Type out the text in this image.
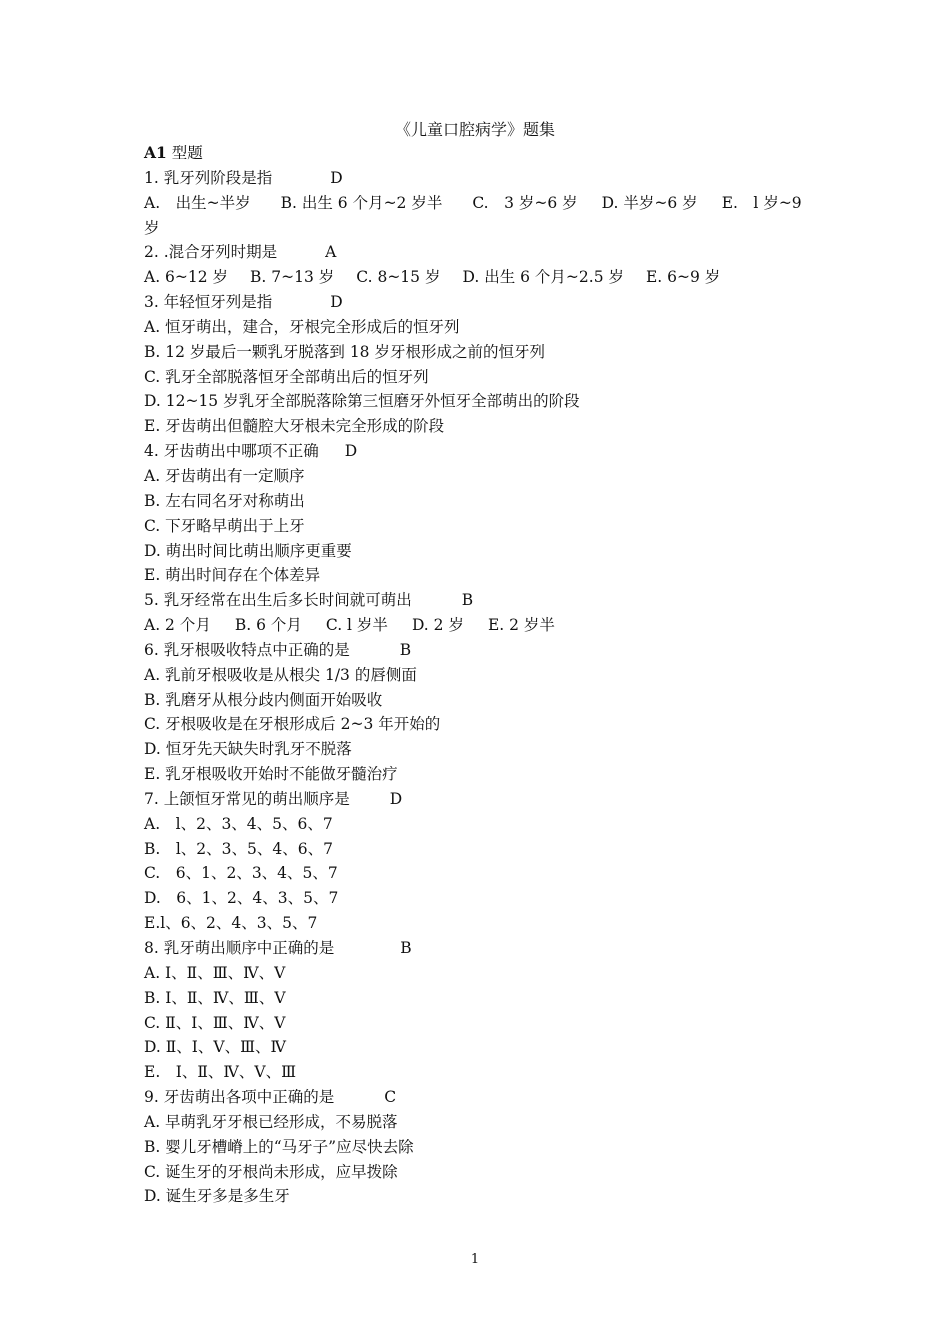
《儿童口腔病学》题集
A1 型题
1. 乳牙列阶段是指	D
A.　出生~半岁 B. 出生 6 个月~2 岁半 C.　3 岁~6 岁 D. 半岁~6 岁 E.　l 岁~9 岁
2. .混合牙列时期是	A
A. 6~12 岁 B. 7~13 岁 C. 8~15 岁 D. 出生 6 个月~2.5 岁 E. 6~9 岁
3. 年轻恒牙列是指	D
A. 恒牙萌出，建合，牙根完全形成后的恒牙列
B. 12 岁最后一颗乳牙脱落到 18 岁牙根形成之前的恒牙列
C. 乳牙全部脱落恒牙全部萌出后的恒牙列
D. 12~15 岁乳牙全部脱落除第三恒磨牙外恒牙全部萌出的阶段
E. 牙齿萌出但髓腔大牙根未完全形成的阶段
4. 牙齿萌出中哪项不正确 D
A. 牙齿萌出有一定顺序
B. 左右同名牙对称萌出
C. 下牙略早萌出于上牙
D. 萌出时间比萌出顺序更重要
E. 萌出时间存在个体差异
5. 乳牙经常在出生后多长时间就可萌出	B
A. 2 个月 B. 6 个月 C. l 岁半 D. 2 岁 E. 2 岁半
6. 乳牙根吸收特点中正确的是	B
A. 乳前牙根吸收是从根尖 1/3 的唇侧面
B. 乳磨牙从根分歧内侧面开始吸收
C. 牙根吸收是在牙根形成后 2~3 年开始的
D. 恒牙先天缺失时乳牙不脱落
E. 乳牙根吸收开始时不能做牙髓治疗
7. 上颌恒牙常见的萌出顺序是	D
A.　l、2、3、4、5、6、7
B.　l、2、3、5、4、6、7
C.　6、1、2、3、4、5、7
D.　6、1、2、4、3、5、7
E.l、6、2、4、3、5、7
8. 乳牙萌出顺序中正确的是	B
A. Ⅰ、Ⅱ、Ⅲ、Ⅳ、Ⅴ
B. Ⅰ、Ⅱ、Ⅳ、Ⅲ、Ⅴ
C. Ⅱ、Ⅰ、Ⅲ、Ⅳ、Ⅴ
D. Ⅱ、Ⅰ、Ⅴ、Ⅲ、Ⅳ
E.　Ⅰ、Ⅱ、Ⅳ、Ⅴ、Ⅲ
9. 牙齿萌出各项中正确的是	C
A. 早萌乳牙牙根已经形成，不易脱落
B. 婴儿牙槽嵴上的“马牙子”应尽快去除
C. 诞生牙的牙根尚未形成，应早拨除
D. 诞生牙多是多生牙
1
